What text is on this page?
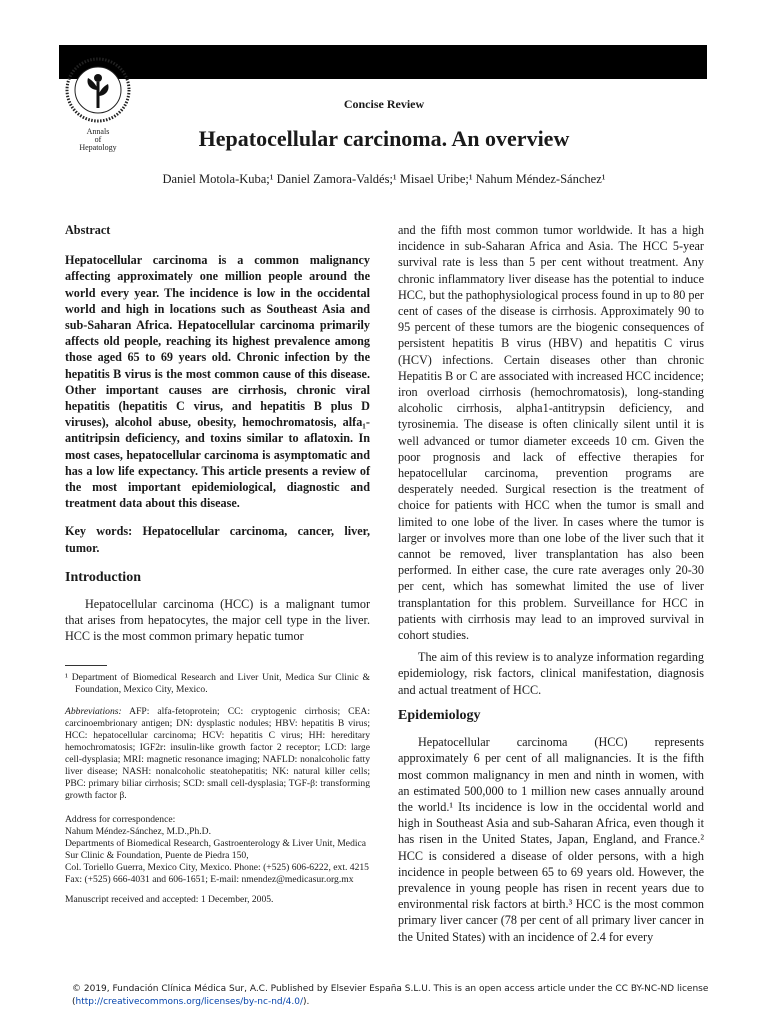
Annals
of
Hepatology
Concise Review
Hepatocellular carcinoma. An overview
Daniel Motola-Kuba;¹ Daniel Zamora-Valdés;¹ Misael Uribe;¹ Nahum Méndez-Sánchez¹

Abstract

Hepatocellular carcinoma is a common malignancy affecting approximately one million people around the world every year. The incidence is low in the occidental world and high in locations such as Southeast Asia and sub-Saharan Africa. Hepatocellular carcinoma primarily affects old people, reaching its highest prevalence among those aged 65 to 69 years old. Chronic infection by the hepatitis B virus is the most common cause of this disease. Other important causes are cirrhosis, chronic viral hepatitis (hepatitis C virus, and hepatitis B plus D viruses), alcohol abuse, obesity, hemochromatosis, alfa₁-antitripsin deficiency, and toxins similar to aflatoxin. In most cases, hepatocellular carcinoma is asymptomatic and has a low life expectancy. This article presents a review of the most important epidemiological, diagnostic and treatment data about this disease.

Key words: Hepatocellular carcinoma, cancer, liver, tumor.

Introduction

Hepatocellular carcinoma (HCC) is a malignant tumor that arises from hepatocytes, the major cell type in the liver. HCC is the most common primary hepatic tumor

¹ Department of Biomedical Research and Liver Unit, Medica Sur Clinic & Foundation, Mexico City, Mexico.

Abbreviations: AFP: alfa-fetoprotein; CC: cryptogenic cirrhosis; CEA: carcinoembrionary antigen; DN: dysplastic nodules; HBV: hepatitis B virus; HCC: hepatocellular carcinoma; HCV: hepatitis C virus; HH: hereditary hemochromatosis; IGF2r: insulin-like growth factor 2 receptor; LCD: large cell-dysplasia; MRI: magnetic resonance imaging; NAFLD: nonalcoholic fatty liver disease; NASH: nonalcoholic steatohepatitis; NK: natural killer cells; PBC: primary biliar cirrhosis; SCD: small cell-dysplasia; TGF-β: transforming growth factor β.

Address for correspondence:
Nahum Méndez-Sánchez, M.D.,Ph.D.
Departments of Biomedical Research, Gastroenterology & Liver Unit, Medica Sur Clinic & Foundation, Puente de Piedra 150,
Col. Toriello Guerra, Mexico City, Mexico. Phone: (+525) 606-6222, ext. 4215 Fax: (+525) 666-4031 and 606-1651; E-mail: nmendez@medicasur.org.mx

Manuscript received and accepted: 1 December, 2005.

and the fifth most common tumor worldwide. It has a high incidence in sub-Saharan Africa and Asia. The HCC 5-year survival rate is less than 5 per cent without treatment. Any chronic inflammatory liver disease has the potential to induce HCC, but the pathophysiological process found in up to 80 per cent of cases of the disease is cirrhosis. Approximately 90 to 95 percent of these tumors are the biogenic consequences of persistent hepatitis B virus (HBV) and hepatitis C virus (HCV) infections. Certain diseases other than chronic Hepatitis B or C are associated with increased HCC incidence; iron overload cirrhosis (hemochromatosis), long-standing alcoholic cirrhosis, alpha1-antitrypsin deficiency, and tyrosinemia. The disease is often clinically silent until it is well advanced or tumor diameter exceeds 10 cm. Given the poor prognosis and lack of effective therapies for hepatocellular carcinoma, prevention programs are desperately needed. Surgical resection is the treatment of choice for patients with HCC when the tumor is small and limited to one lobe of the liver. In cases where the tumor is larger or involves more than one lobe of the liver such that it cannot be removed, liver transplantation has also been performed. In either case, the cure rate averages only 20-30 per cent, which has somewhat limited the use of liver transplantation for this problem. Surveillance for HCC in patients with cirrhosis may lead to an improved survival in cohort studies.

The aim of this review is to analyze information regarding epidemiology, risk factors, clinical manifestation, diagnosis and actual treatment of HCC.

Epidemiology

Hepatocellular carcinoma (HCC) represents approximately 6 per cent of all malignancies. It is the fifth most common malignancy in men and ninth in women, with an estimated 500,000 to 1 million new cases annually around the world.¹ Its incidence is low in the occidental world and high in Southeast Asia and sub-Saharan Africa, even though it has risen in the United States, Japan, England, and France.² HCC is considered a disease of older persons, with a high incidence in people between 65 to 69 years old. However, the prevalence in young people has risen in recent years due to environmental risk factors at birth.³ HCC is the most common primary liver cancer (78 per cent of all primary liver cancer in the United States) with an incidence of 2.4 for every

© 2019, Fundación Clínica Médica Sur, A.C. Published by Elsevier España S.L.U. This is an open access article under the CC BY-NC-ND license (http://creativecommons.org/licenses/by-nc-nd/4.0/).
